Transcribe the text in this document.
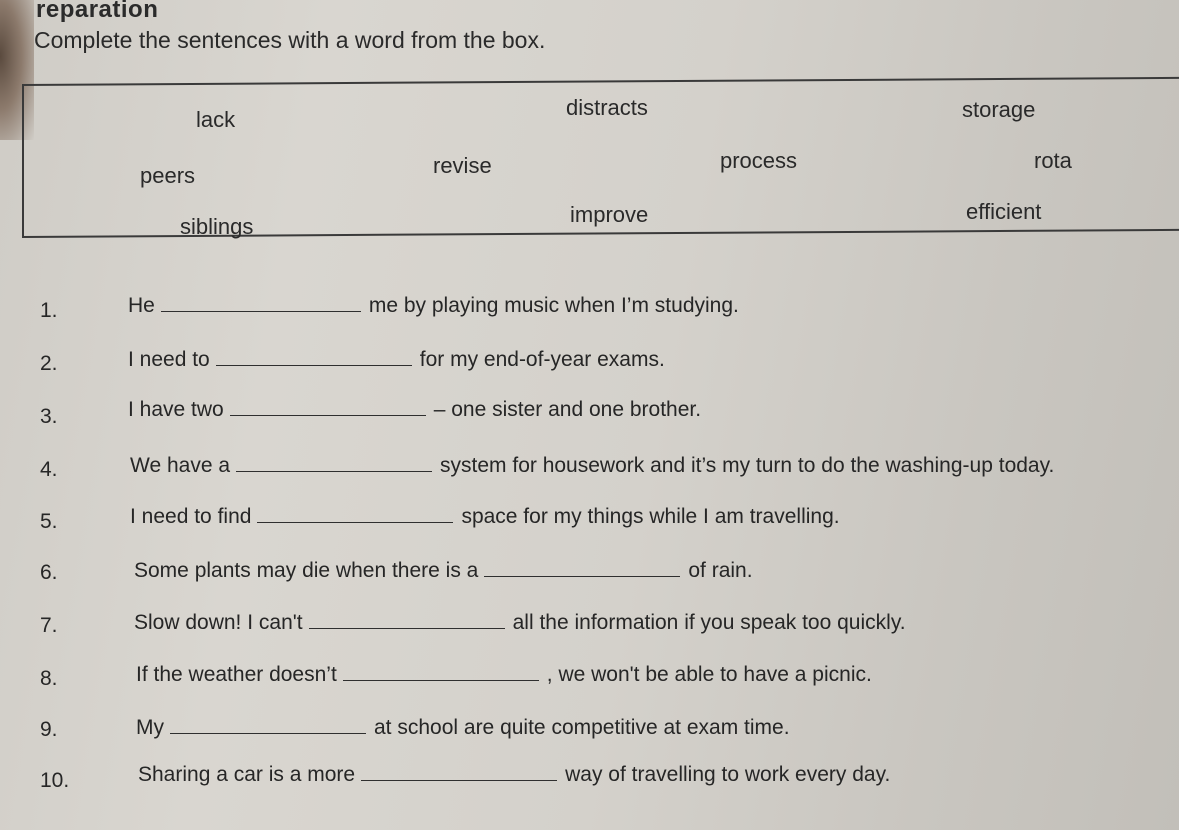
reparation

Complete the sentences with a word from the box.

lack	distracts	storage
peers	revise	process	rota
siblings	improve	efficient
1.	He	me by playing music when I’m studying.
2.	I need to	for my end-of-year exams.
3.	I have two	– one sister and one brother.
4.	We have a	system for housework and it’s my turn to do the washing-up today.
5.	I need to find	space for my things while I am travelling.
6.	Some plants may die when there is a	of rain.
7.	Slow down! I can't	all the information if you speak too quickly.
8.	If the weather doesn’t	, we won't be able to have a picnic.
9.	My	at school are quite competitive at exam time.
10.	Sharing a car is a more	way of travelling to work every day.
